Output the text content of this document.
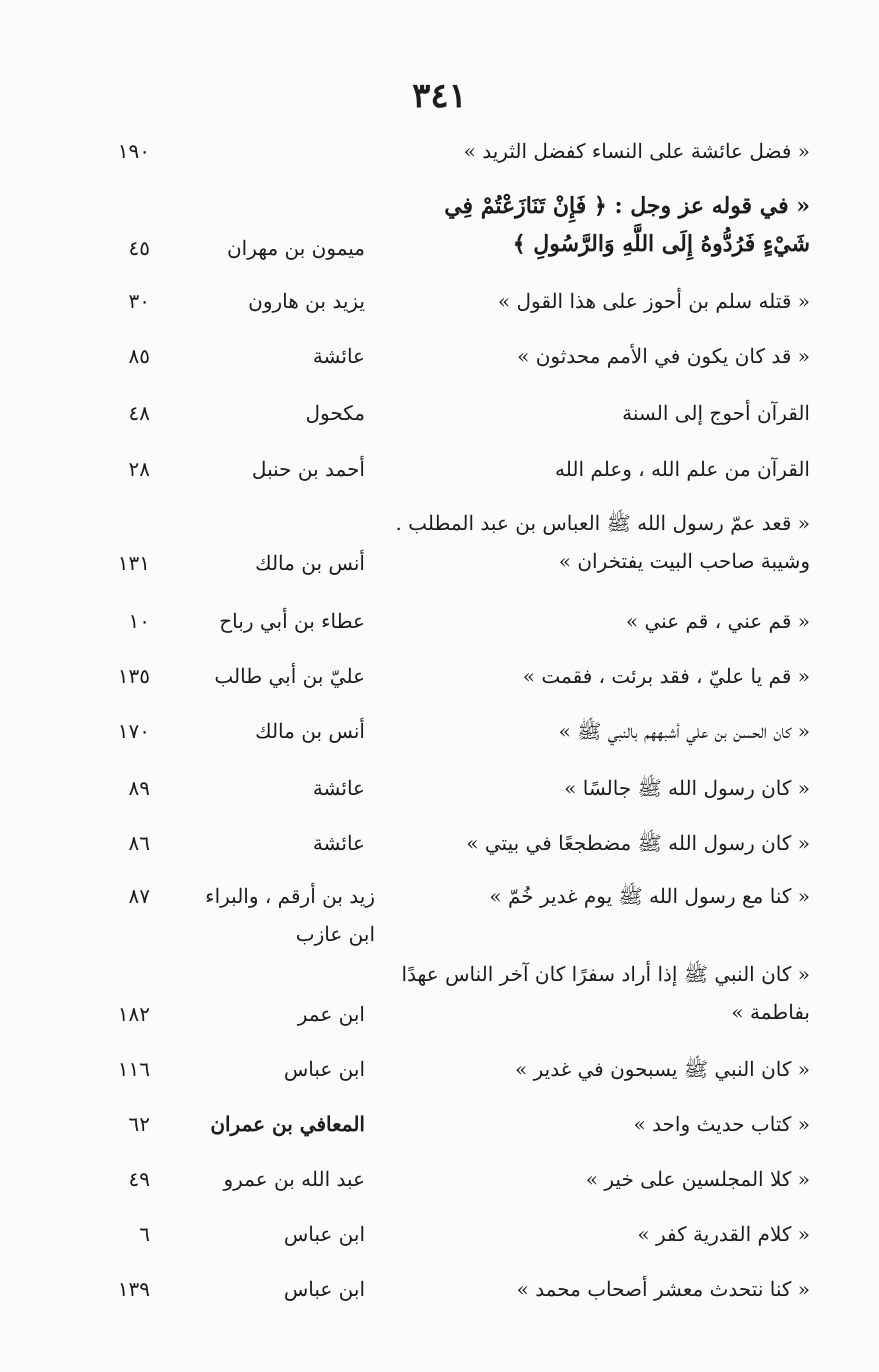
٣٤١
« فضل عائشة على النساء كفضل الثريد »
١٩٠
« في قوله عز وجل : ﴿ فَإِنْ تَنَازَعْتُمْ فِي شَيْءٍ فَرُدُّوهُ إِلَى اللَّهِ وَالرَّسُولِ ﴾
ميمون بن مهران
٤٥
« قتله سلم بن أحوز على هذا القول »
يزيد بن هارون
٣٠
« قد كان يكون في الأمم محدثون »
عائشة
٨٥
القرآن أحوج إلى السنة
مكحول
٤٨
القرآن من علم الله ، وعلم الله
أحمد بن حنبل
٢٨
« قعد عمّ رسول الله ﷺ العباس بن عبد المطلب . وشيبة صاحب البيت يفتخران »
أنس بن مالك
١٣١
« قم عني ، قم عني »
عطاء بن أبي رباح
١٠
« قم يا عليّ ، فقد برئت ، فقمت »
عليّ بن أبي طالب
١٣٥
« كان الحسن بن علي أشبههم بالنبي ﷺ »
أنس بن مالك
١٧٠
« كان رسول الله ﷺ جالسًا »
عائشة
٨٩
« كان رسول الله ﷺ مضطجعًا في بيتي »
عائشة
٨٦
« كنا مع رسول الله ﷺ يوم غدير خُمّ »
زيد بن أرقم ، والبراء ابن عازب
٨٧
« كان النبي ﷺ إذا أراد سفرًا كان آخر الناس عهدًا بفاطمة »
ابن عمر
١٨٢
« كان النبي ﷺ يسبحون في غدير »
ابن عباس
١١٦
« كتاب حديث واحد »
المعافي بن عمران
٦٢
« كلا المجلسين على خير »
عبد الله بن عمرو
٤٩
« كلام القدرية كفر »
ابن عباس
٦
« كنا نتحدث معشر أصحاب محمد »
ابن عباس
١٣٩
